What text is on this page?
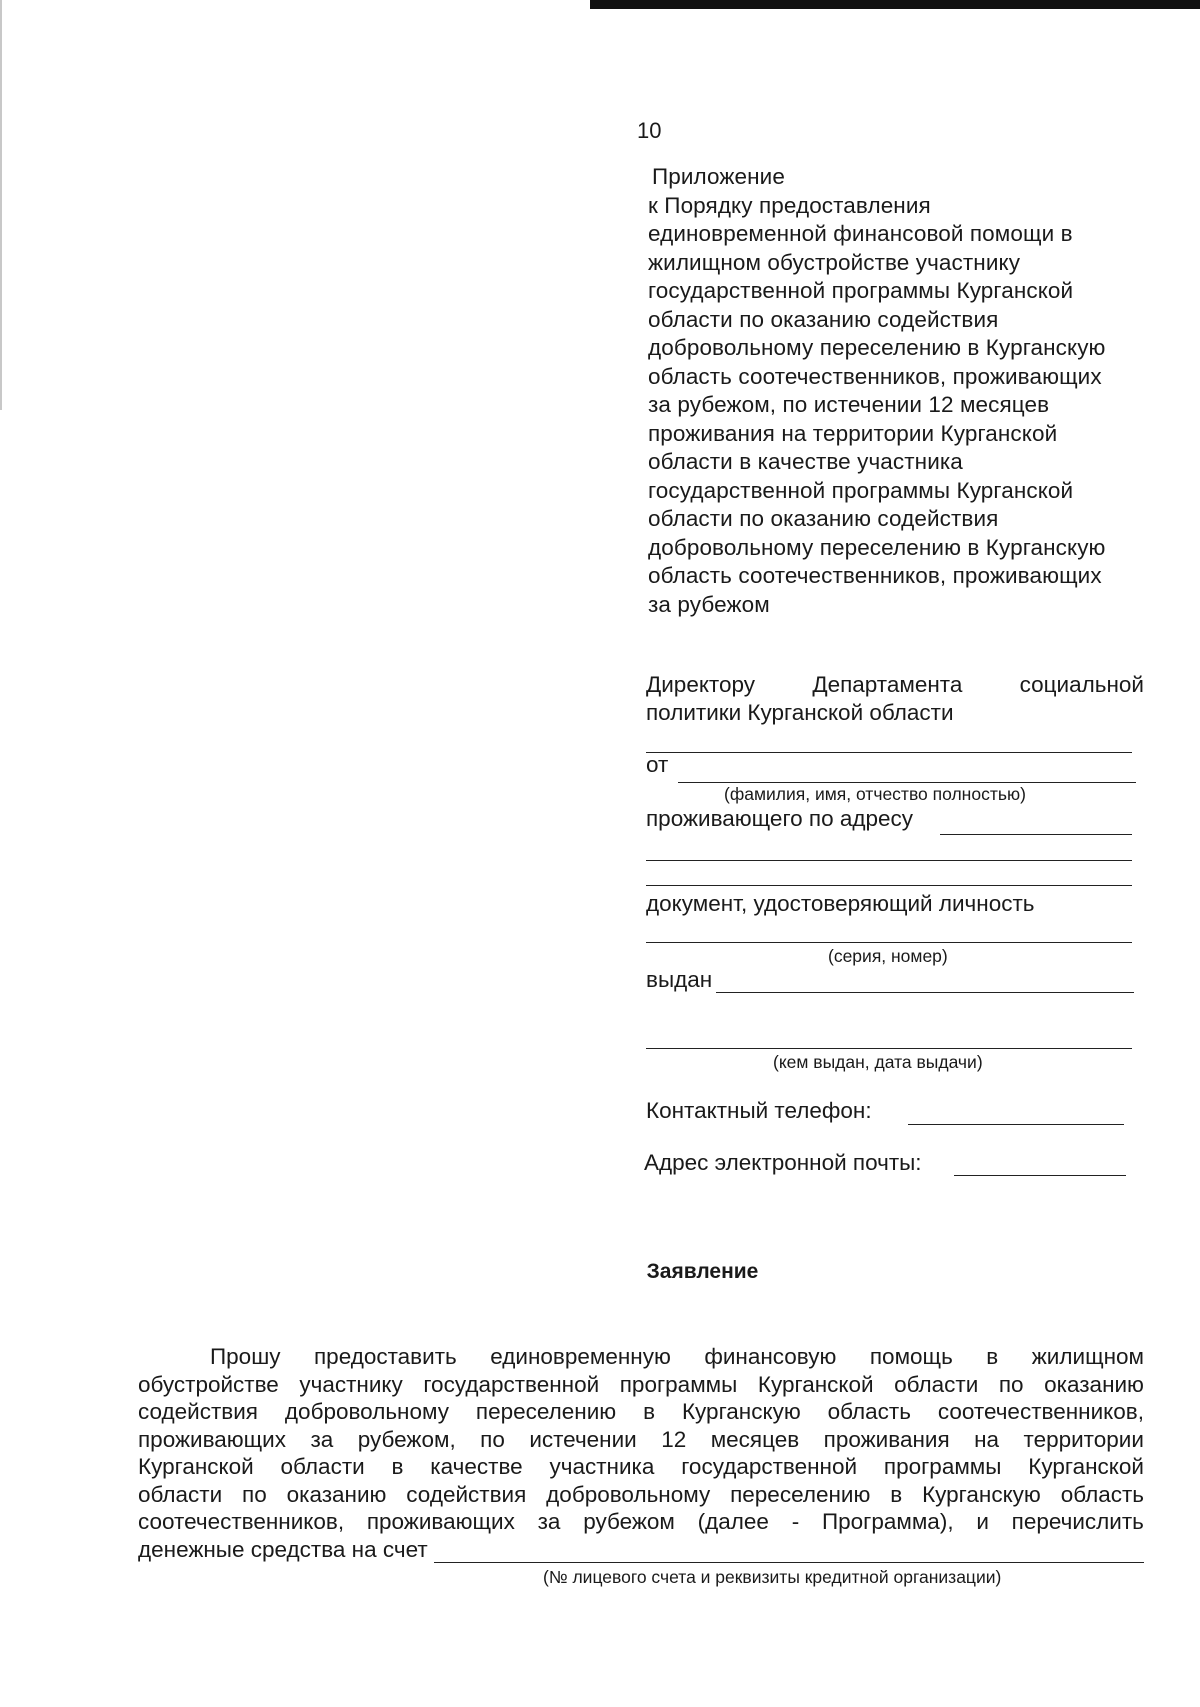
10
Приложение
к Порядку предоставления
единовременной финансовой помощи в
жилищном обустройстве участнику
государственной программы Курганской
области по оказанию содействия
добровольному переселению в Курганскую
область соотечественников, проживающих
за рубежом, по истечении 12 месяцев
проживания на территории Курганской
области в качестве участника
государственной программы Курганской
области по оказанию содействия
добровольному переселению в Курганскую
область соотечественников, проживающих
за рубежом
Директору	Департамента	социальной
политики Курганской области
от
(фамилия, имя, отчество полностью)
проживающего по адресу
документ, удостоверяющий личность
(серия, номер)
выдан
(кем выдан, дата выдачи)
Контактный телефон:
Адрес электронной почты:
Заявление
Прошу предоставить единовременную финансовую помощь в жилищном
обустройстве участнику государственной программы Курганской области по оказанию
содействия добровольному переселению в Курганскую область соотечественников,
проживающих за рубежом, по истечении 12 месяцев проживания на территории
Курганской области в качестве участника государственной программы Курганской
области по оказанию содействия добровольному переселению в Курганскую область
соотечественников, проживающих за рубежом (далее - Программа), и перечислить
денежные средства на счет
(№ лицевого счета и реквизиты кредитной организации)
